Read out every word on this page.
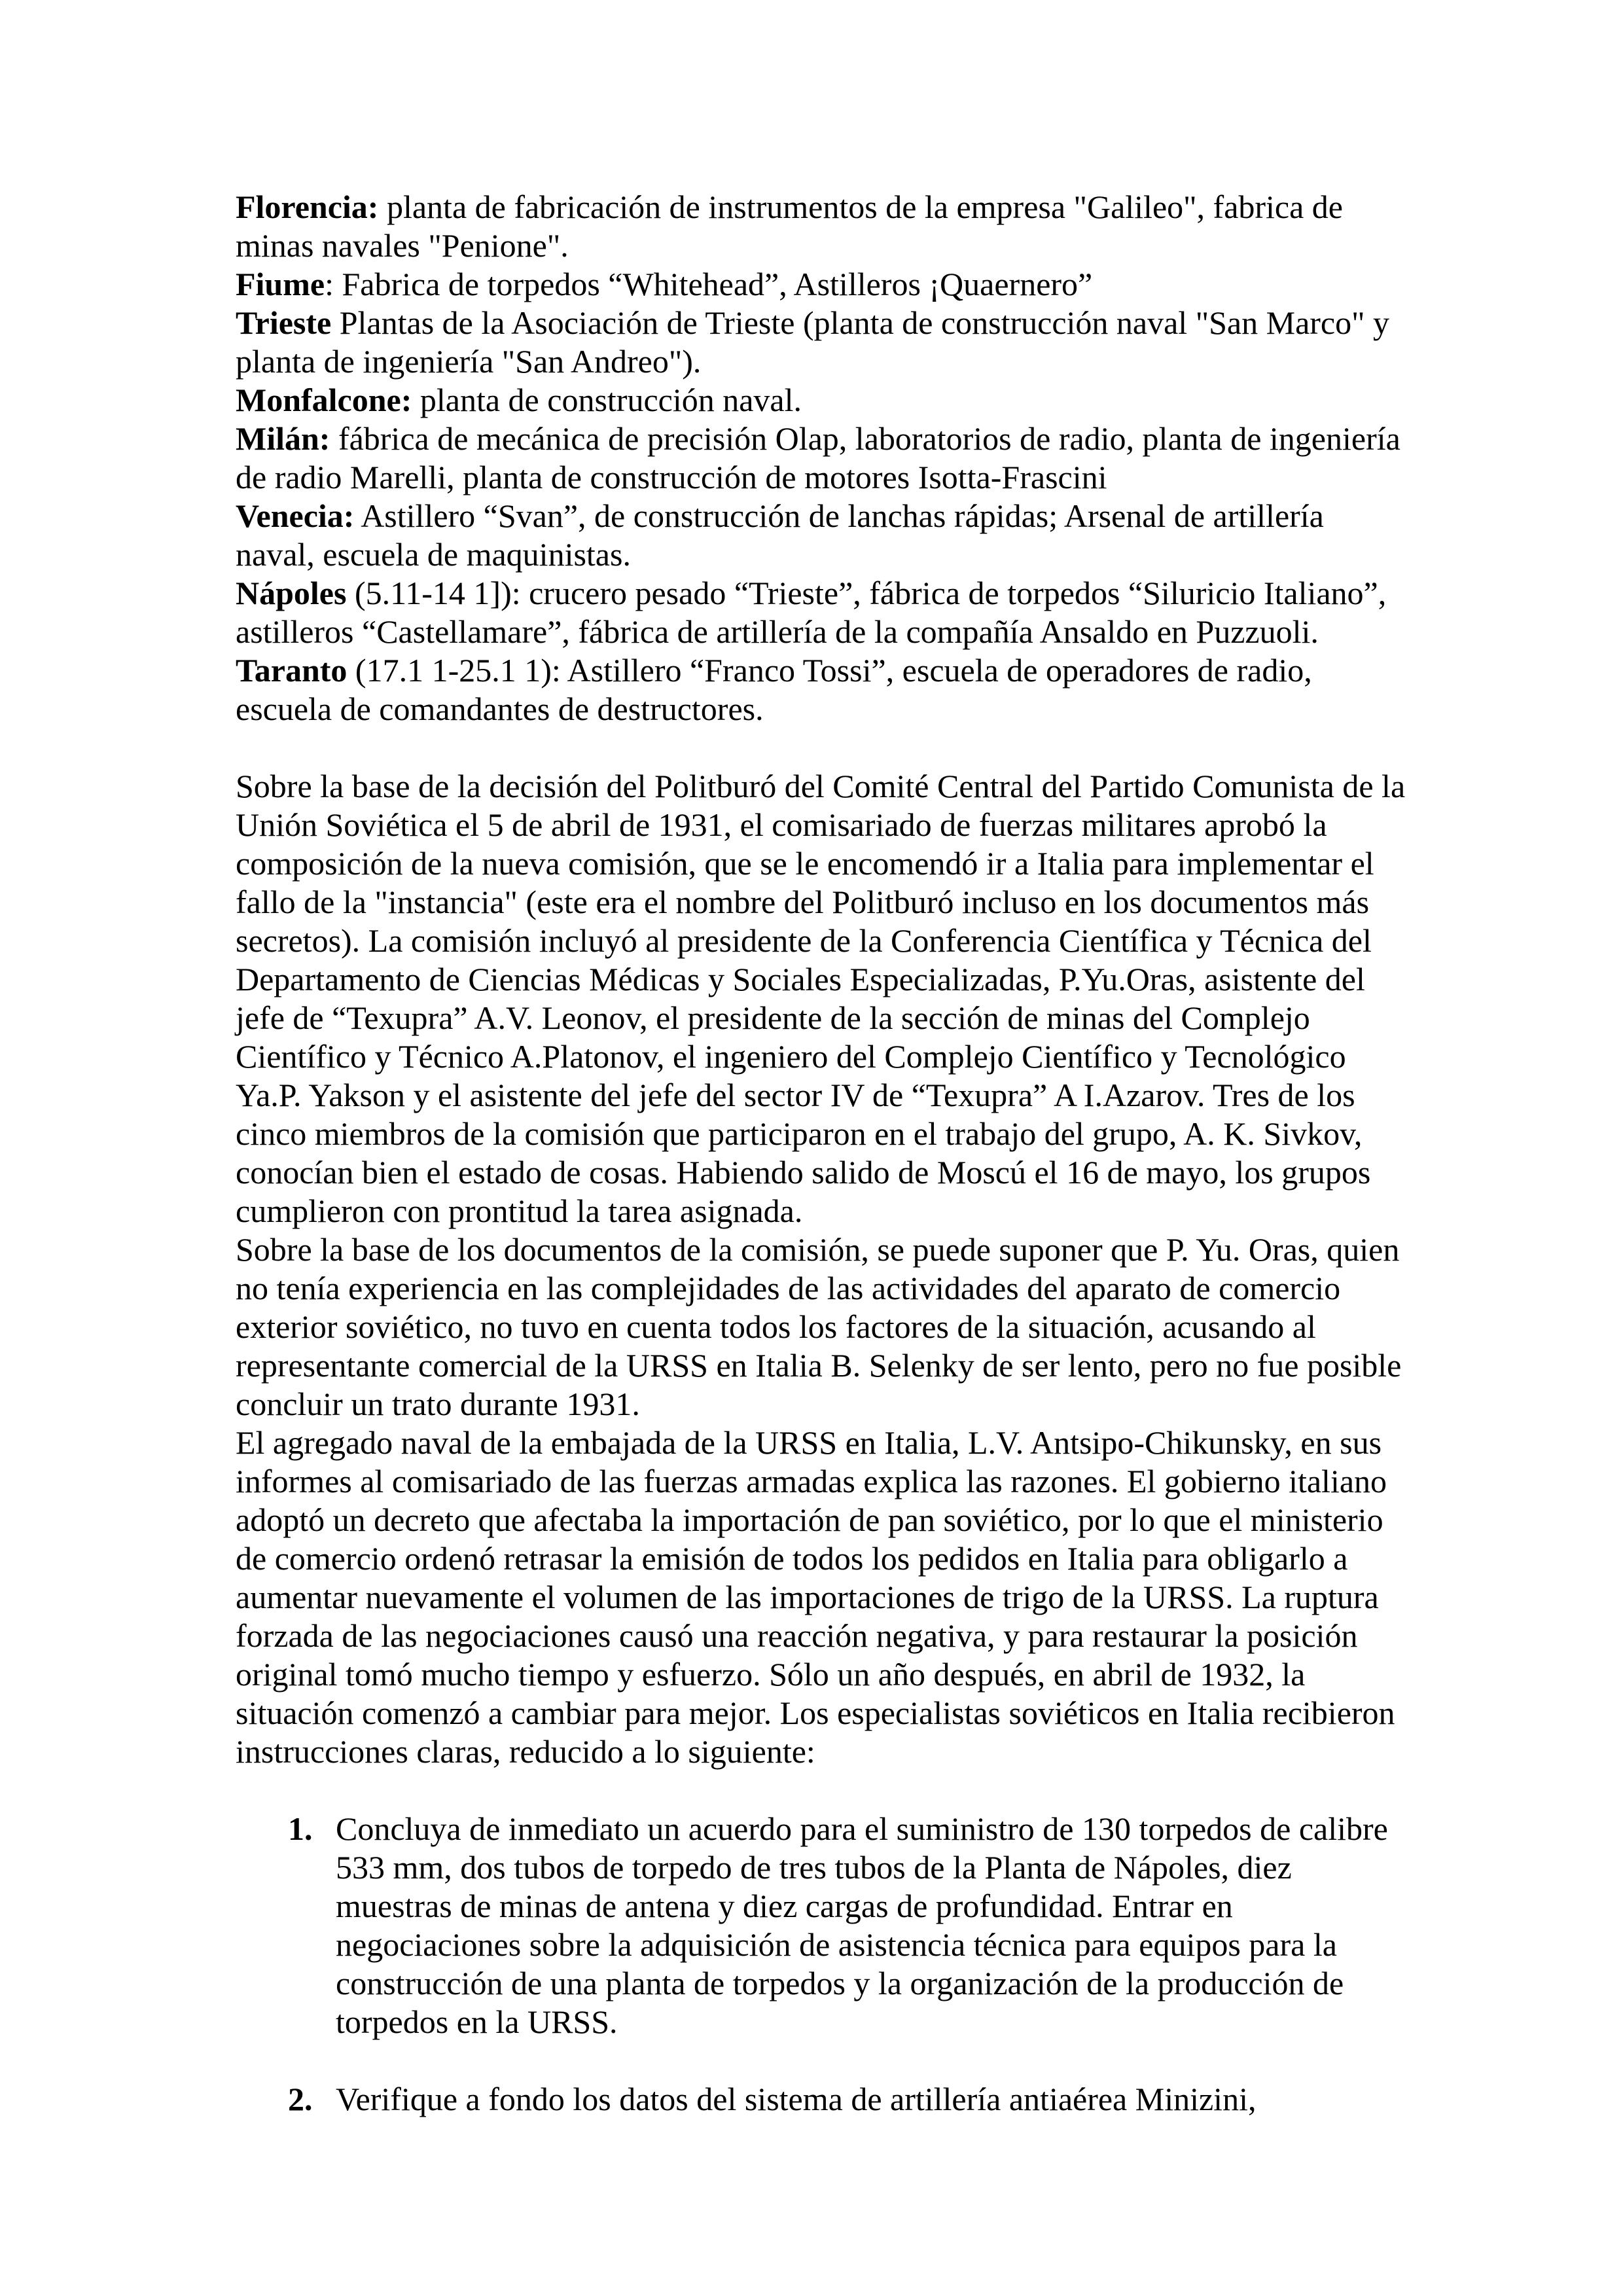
Florencia: planta de fabricación de instrumentos de la empresa "Galileo", fabrica de minas navales "Penione".

Fiume: Fabrica de torpedos “Whitehead”, Astilleros ¡Quaernero”

Trieste Plantas de la Asociación de Trieste (planta de construcción naval "San Marco" y planta de ingeniería "San Andreo").

Monfalcone: planta de construcción naval.

Milán: fábrica de mecánica de precisión Olap, laboratorios de radio, planta de ingeniería de radio Marelli, planta de construcción de motores Isotta-Frascini

Venecia: Astillero “Svan”, de construcción de lanchas rápidas; Arsenal de artillería naval, escuela de maquinistas.

Nápoles (5.11-14 1]): crucero pesado “Trieste”, fábrica de torpedos “Siluricio Italiano”, astilleros “Castellamare”, fábrica de artillería de la compañía Ansaldo en Puzzuoli.

Taranto (17.1 1-25.1 1): Astillero “Franco Tossi”, escuela de operadores de radio, escuela de comandantes de destructores.

Sobre la base de la decisión del Politburó del Comité Central del Partido Comunista de la Unión Soviética el 5 de abril de 1931, el comisariado de fuerzas militares aprobó la composición de la nueva comisión, que se le encomendó ir a Italia para implementar el fallo de la "instancia" (este era el nombre del Politburó incluso en los documentos más secretos). La comisión incluyó al presidente de la Conferencia Científica y Técnica del Departamento de Ciencias Médicas y Sociales Especializadas, P.Yu.Oras, asistente del jefe de “Texupra” A.V. Leonov, el presidente de la sección de minas del Complejo Científico y Técnico A.Platonov, el ingeniero del Complejo Científico y Tecnológico Ya.P. Yakson y el asistente del jefe del sector IV de “Texupra” A I.Azarov. Tres de los cinco miembros de la comisión que participaron en el trabajo del grupo, A. K. Sivkov, conocían bien el estado de cosas. Habiendo salido de Moscú el 16 de mayo, los grupos cumplieron con prontitud la tarea asignada.

Sobre la base de los documentos de la comisión, se puede suponer que P. Yu. Oras, quien no tenía experiencia en las complejidades de las actividades del aparato de comercio exterior soviético, no tuvo en cuenta todos los factores de la situación, acusando al representante comercial de la URSS en Italia B. Selenky de ser lento, pero no fue posible concluir un trato durante 1931.

El agregado naval de la embajada de la URSS en Italia, L.V. Antsipo-Chikunsky, en sus informes al comisariado de las fuerzas armadas explica las razones. El gobierno italiano adoptó un decreto que afectaba la importación de pan soviético, por lo que el ministerio de comercio ordenó retrasar la emisión de todos los pedidos en Italia para obligarlo a aumentar nuevamente el volumen de las importaciones de trigo de la URSS. La ruptura forzada de las negociaciones causó una reacción negativa, y para restaurar la posición original tomó mucho tiempo y esfuerzo. Sólo un año después, en abril de 1932, la situación comenzó a cambiar para mejor. Los especialistas soviéticos en Italia recibieron instrucciones claras, reducido a lo siguiente:

1. Concluya de inmediato un acuerdo para el suministro de 130 torpedos de calibre 533 mm, dos tubos de torpedo de tres tubos de la Planta de Nápoles, diez muestras de minas de antena y diez cargas de profundidad. Entrar en negociaciones sobre la adquisición de asistencia técnica para equipos para la construcción de una planta de torpedos y la organización de la producción de torpedos en la URSS.
2. Verifique a fondo los datos del sistema de artillería antiaérea Minizini,
